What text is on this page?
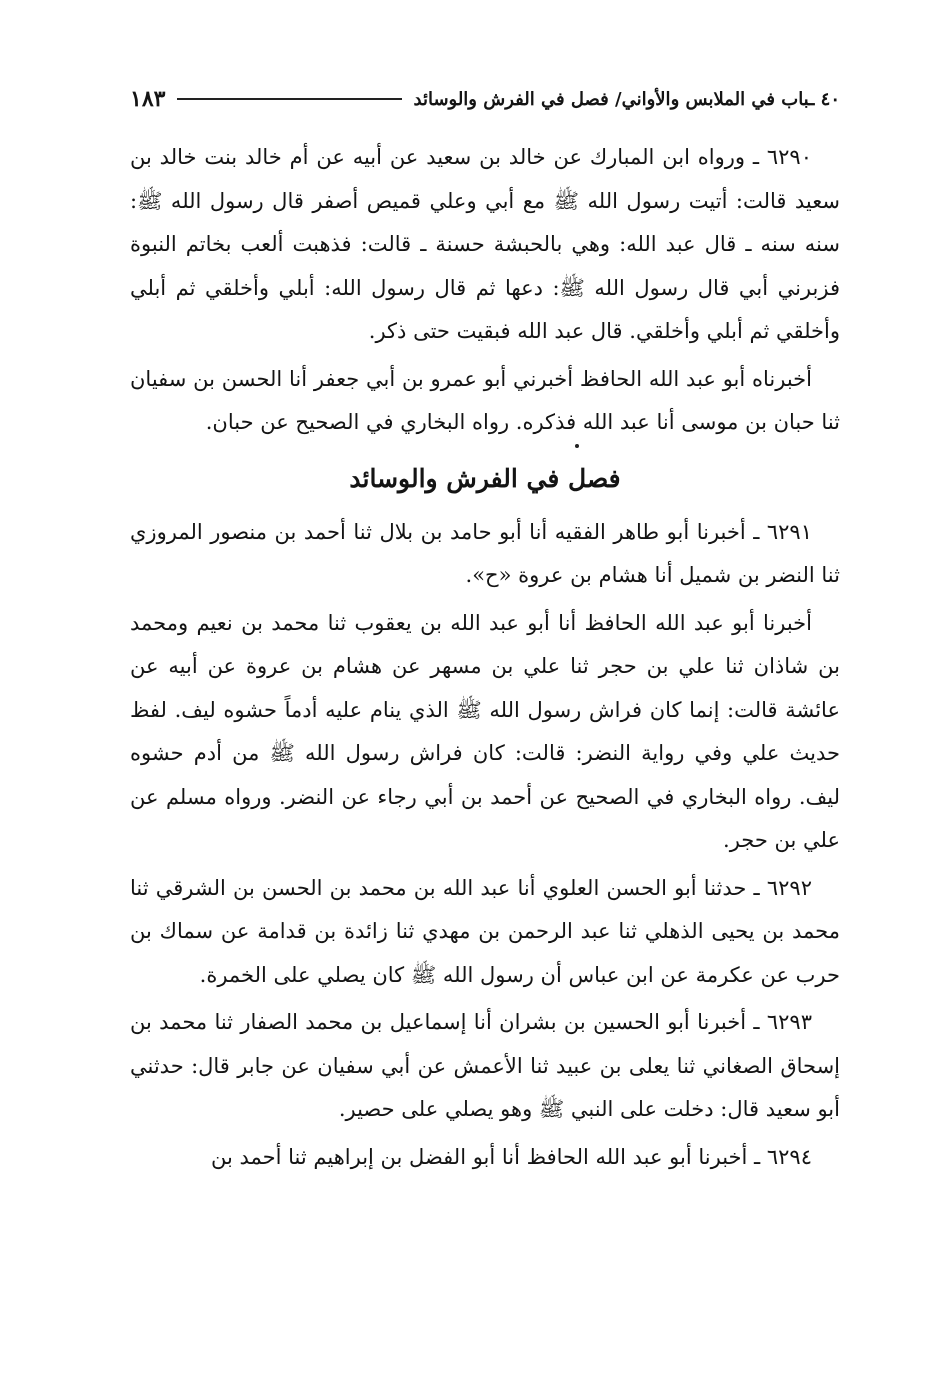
٤٠ ـباب في الملابس والأواني/ فصل في الفرش والوسائد
١٨٣

٦٢٩٠ ـ ورواه ابن المبارك عن خالد بن سعيد عن أبيه عن أم خالد بنت خالد بن سعيد قالت: أتيت رسول الله ﷺ مع أبي وعلي قميص أصفر قال رسول الله ﷺ: سنه سنه ـ قال عبد الله: وهي بالحبشة حسنة ـ قالت: فذهبت ألعب بخاتم النبوة فزبرني أبي قال رسول الله ﷺ: دعها ثم قال رسول الله: أبلي وأخلقي ثم أبلي وأخلقي ثم أبلي وأخلقي. قال عبد الله فبقيت حتى ذكر.

أخبرناه أبو عبد الله الحافظ أخبرني أبو عمرو بن أبي جعفر أنا الحسن بن سفيان ثنا حبان بن موسى أنا عبد الله فذكره. رواه البخاري في الصحيح عن حبان.

فصل في الفرش والوسائد

٦٢٩١ ـ أخبرنا أبو طاهر الفقيه أنا أبو حامد بن بلال ثنا أحمد بن منصور المروزي ثنا النضر بن شميل أنا هشام بن عروة «ح».

أخبرنا أبو عبد الله الحافظ أنا أبو عبد الله بن يعقوب ثنا محمد بن نعيم ومحمد بن شاذان ثنا علي بن حجر ثنا علي بن مسهر عن هشام بن عروة عن أبيه عن عائشة قالت: إنما كان فراش رسول الله ﷺ الذي ينام عليه أدماً حشوه ليف. لفظ حديث علي وفي رواية النضر: قالت: كان فراش رسول الله ﷺ من أدم حشوه ليف. رواه البخاري في الصحيح عن أحمد بن أبي رجاء عن النضر. ورواه مسلم عن علي بن حجر.

٦٢٩٢ ـ حدثنا أبو الحسن العلوي أنا عبد الله بن محمد بن الحسن بن الشرقي ثنا محمد بن يحيى الذهلي ثنا عبد الرحمن بن مهدي ثنا زائدة بن قدامة عن سماك بن حرب عن عكرمة عن ابن عباس أن رسول الله ﷺ كان يصلي على الخمرة.

٦٢٩٣ ـ أخبرنا أبو الحسين بن بشران أنا إسماعيل بن محمد الصفار ثنا محمد بن إسحاق الصغاني ثنا يعلى بن عبيد ثنا الأعمش عن أبي سفيان عن جابر قال: حدثني أبو سعيد قال: دخلت على النبي ﷺ وهو يصلي على حصير.

٦٢٩٤ ـ أخبرنا أبو عبد الله الحافظ أنا أبو الفضل بن إبراهيم ثنا أحمد بن
